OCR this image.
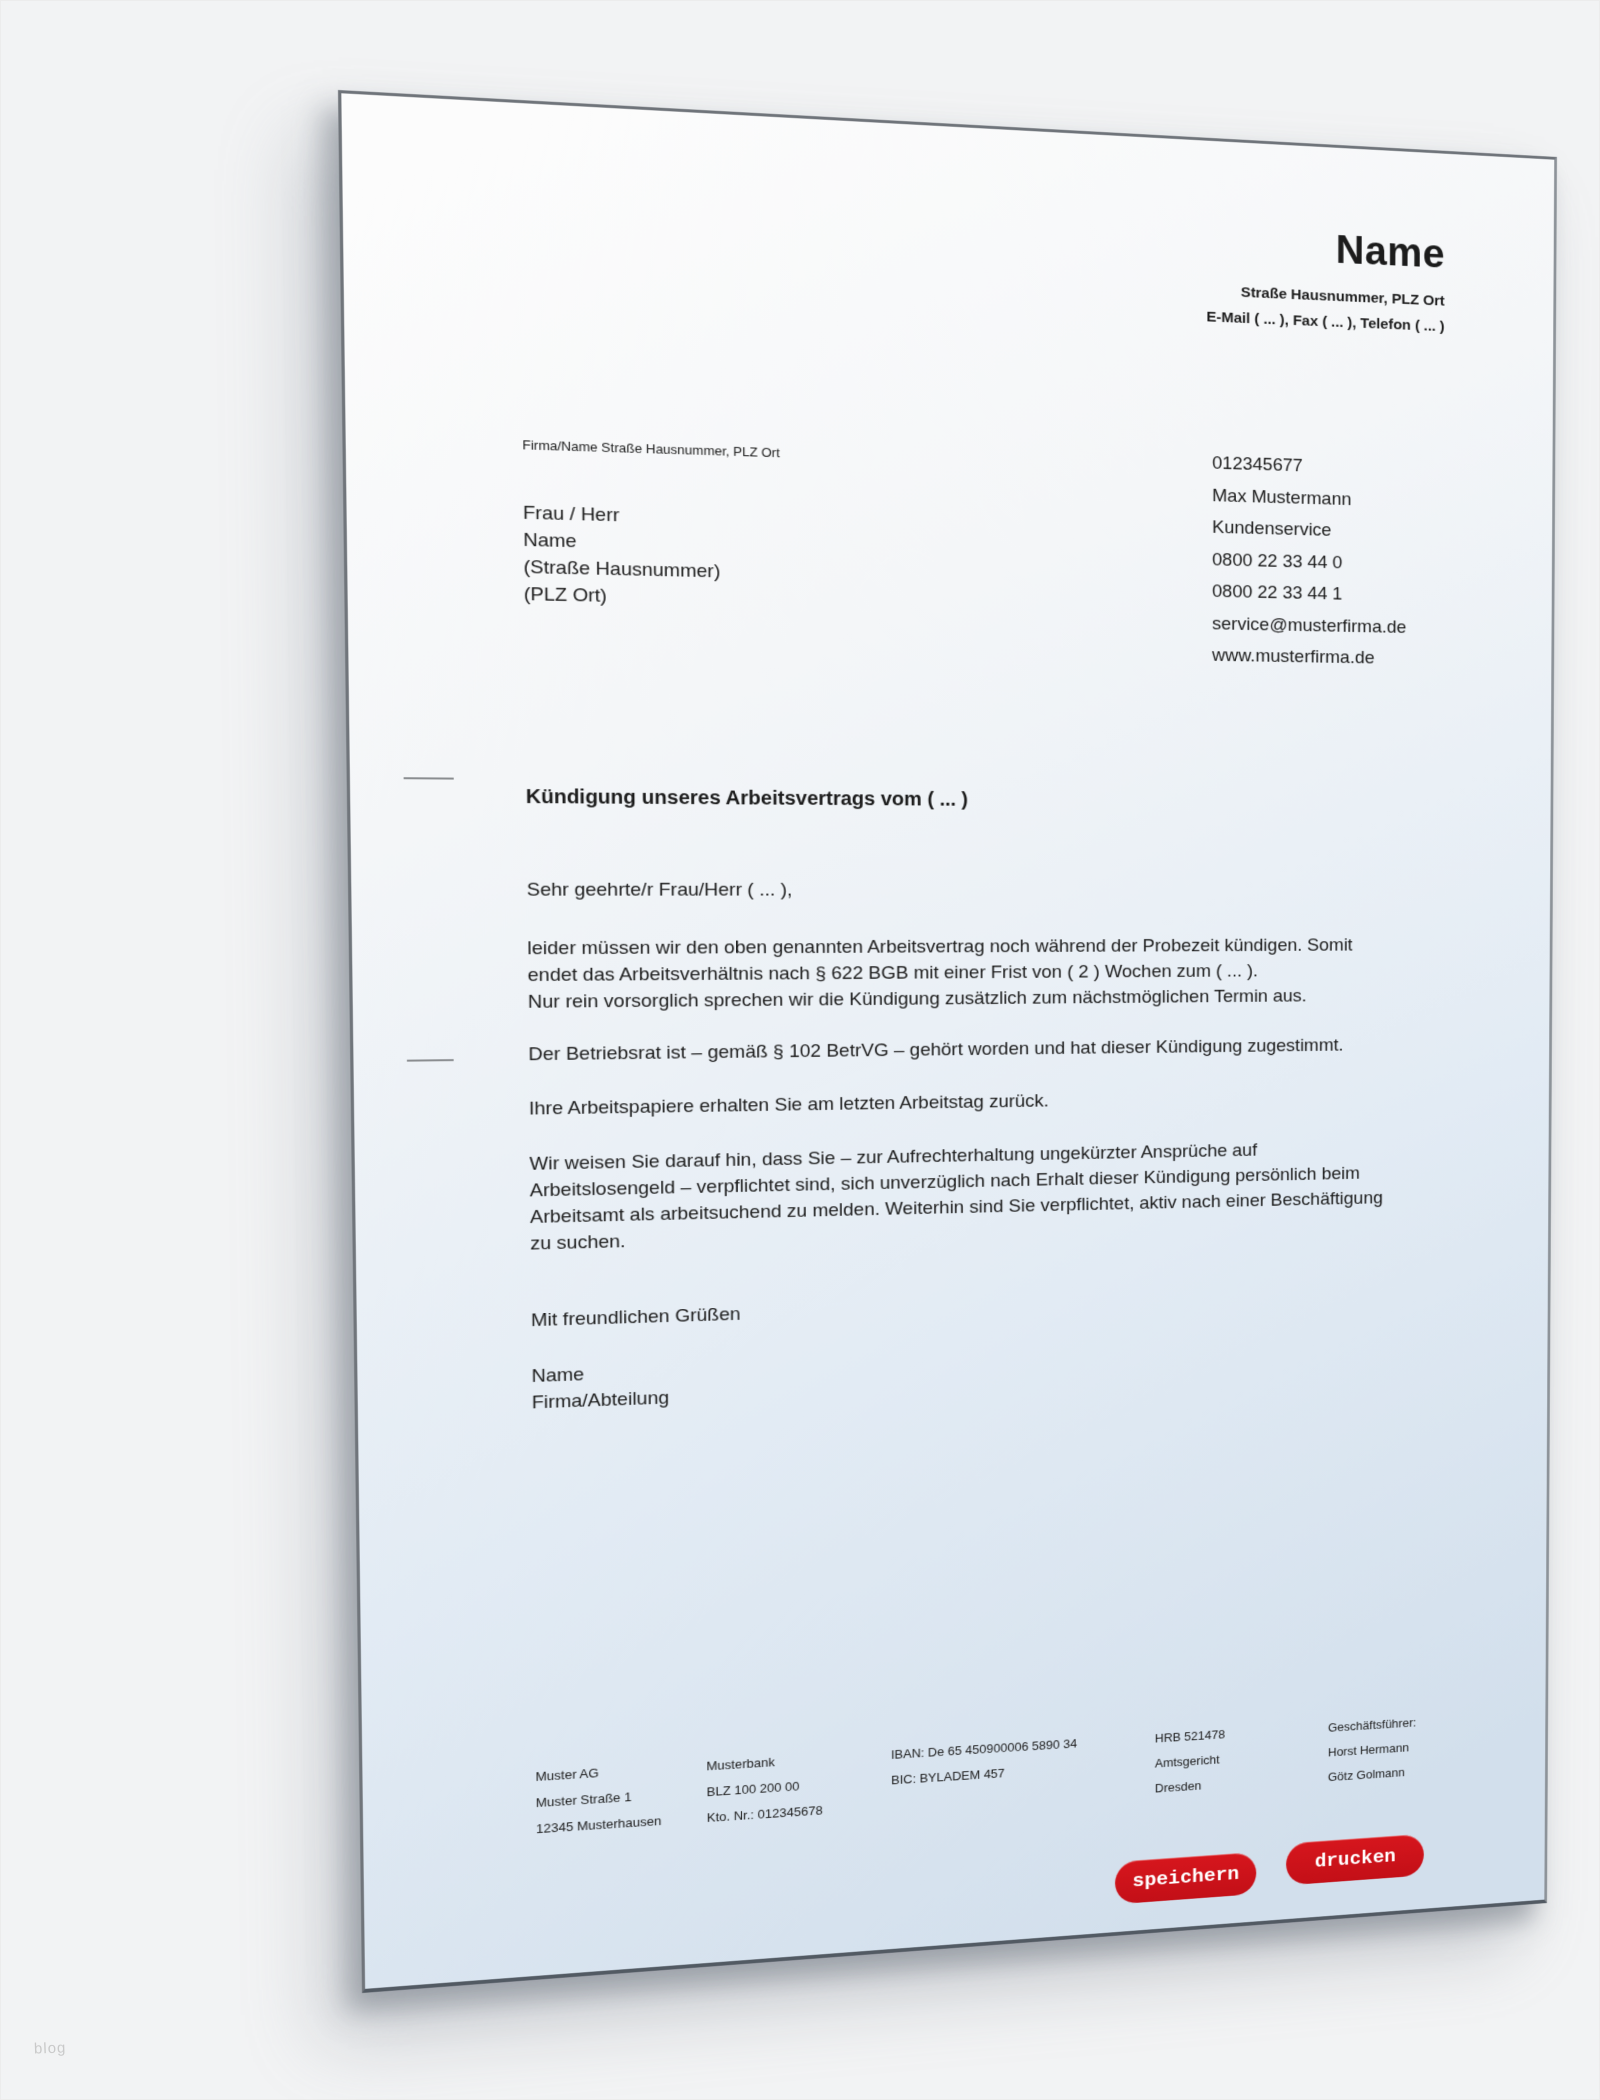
blog
Name
Straße Hausnummer, PLZ Ort
E-Mail ( ... ), Fax ( ... ), Telefon ( ... )
Firma/Name Straße Hausnummer, PLZ Ort
Frau / Herr
Name
(Straße Hausnummer)
(PLZ Ort)
012345677
Max Mustermann
Kundenservice
0800 22 33 44 0
0800 22 33 44 1
service@musterfirma.de
www.musterfirma.de
Kündigung unseres Arbeitsvertrags vom ( ... )
Sehr geehrte/r Frau/Herr ( ... ),
leider müssen wir den oben genannten Arbeitsvertrag noch während der Probezeit kündigen. Somit
endet das Arbeitsverhältnis nach § 622 BGB mit einer Frist von ( 2 ) Wochen zum ( ... ).
Nur rein vorsorglich sprechen wir die Kündigung zusätzlich zum nächstmöglichen Termin aus.
Der Betriebsrat ist – gemäß § 102 BetrVG – gehört worden und hat dieser Kündigung zugestimmt.
Ihre Arbeitspapiere erhalten Sie am letzten Arbeitstag zurück.
Wir weisen Sie darauf hin, dass Sie – zur Aufrechterhaltung ungekürzter Ansprüche auf
Arbeitslosengeld – verpflichtet sind, sich unverzüglich nach Erhalt dieser Kündigung persönlich beim
Arbeitsamt als arbeitsuchend zu melden. Weiterhin sind Sie verpflichtet, aktiv nach einer Beschäftigung
zu suchen.
Mit freundlichen Grüßen
Name
Firma/Abteilung
Muster AG
Muster Straße 1
12345 Musterhausen
Musterbank
BLZ 100 200 00
Kto. Nr.: 012345678
IBAN: De 65 450900006 5890 34
BIC: BYLADEM 457
HRB 521478
Amtsgericht
Dresden
Geschäftsführer:
Horst Hermann
Götz Golmann
speichern
drucken
